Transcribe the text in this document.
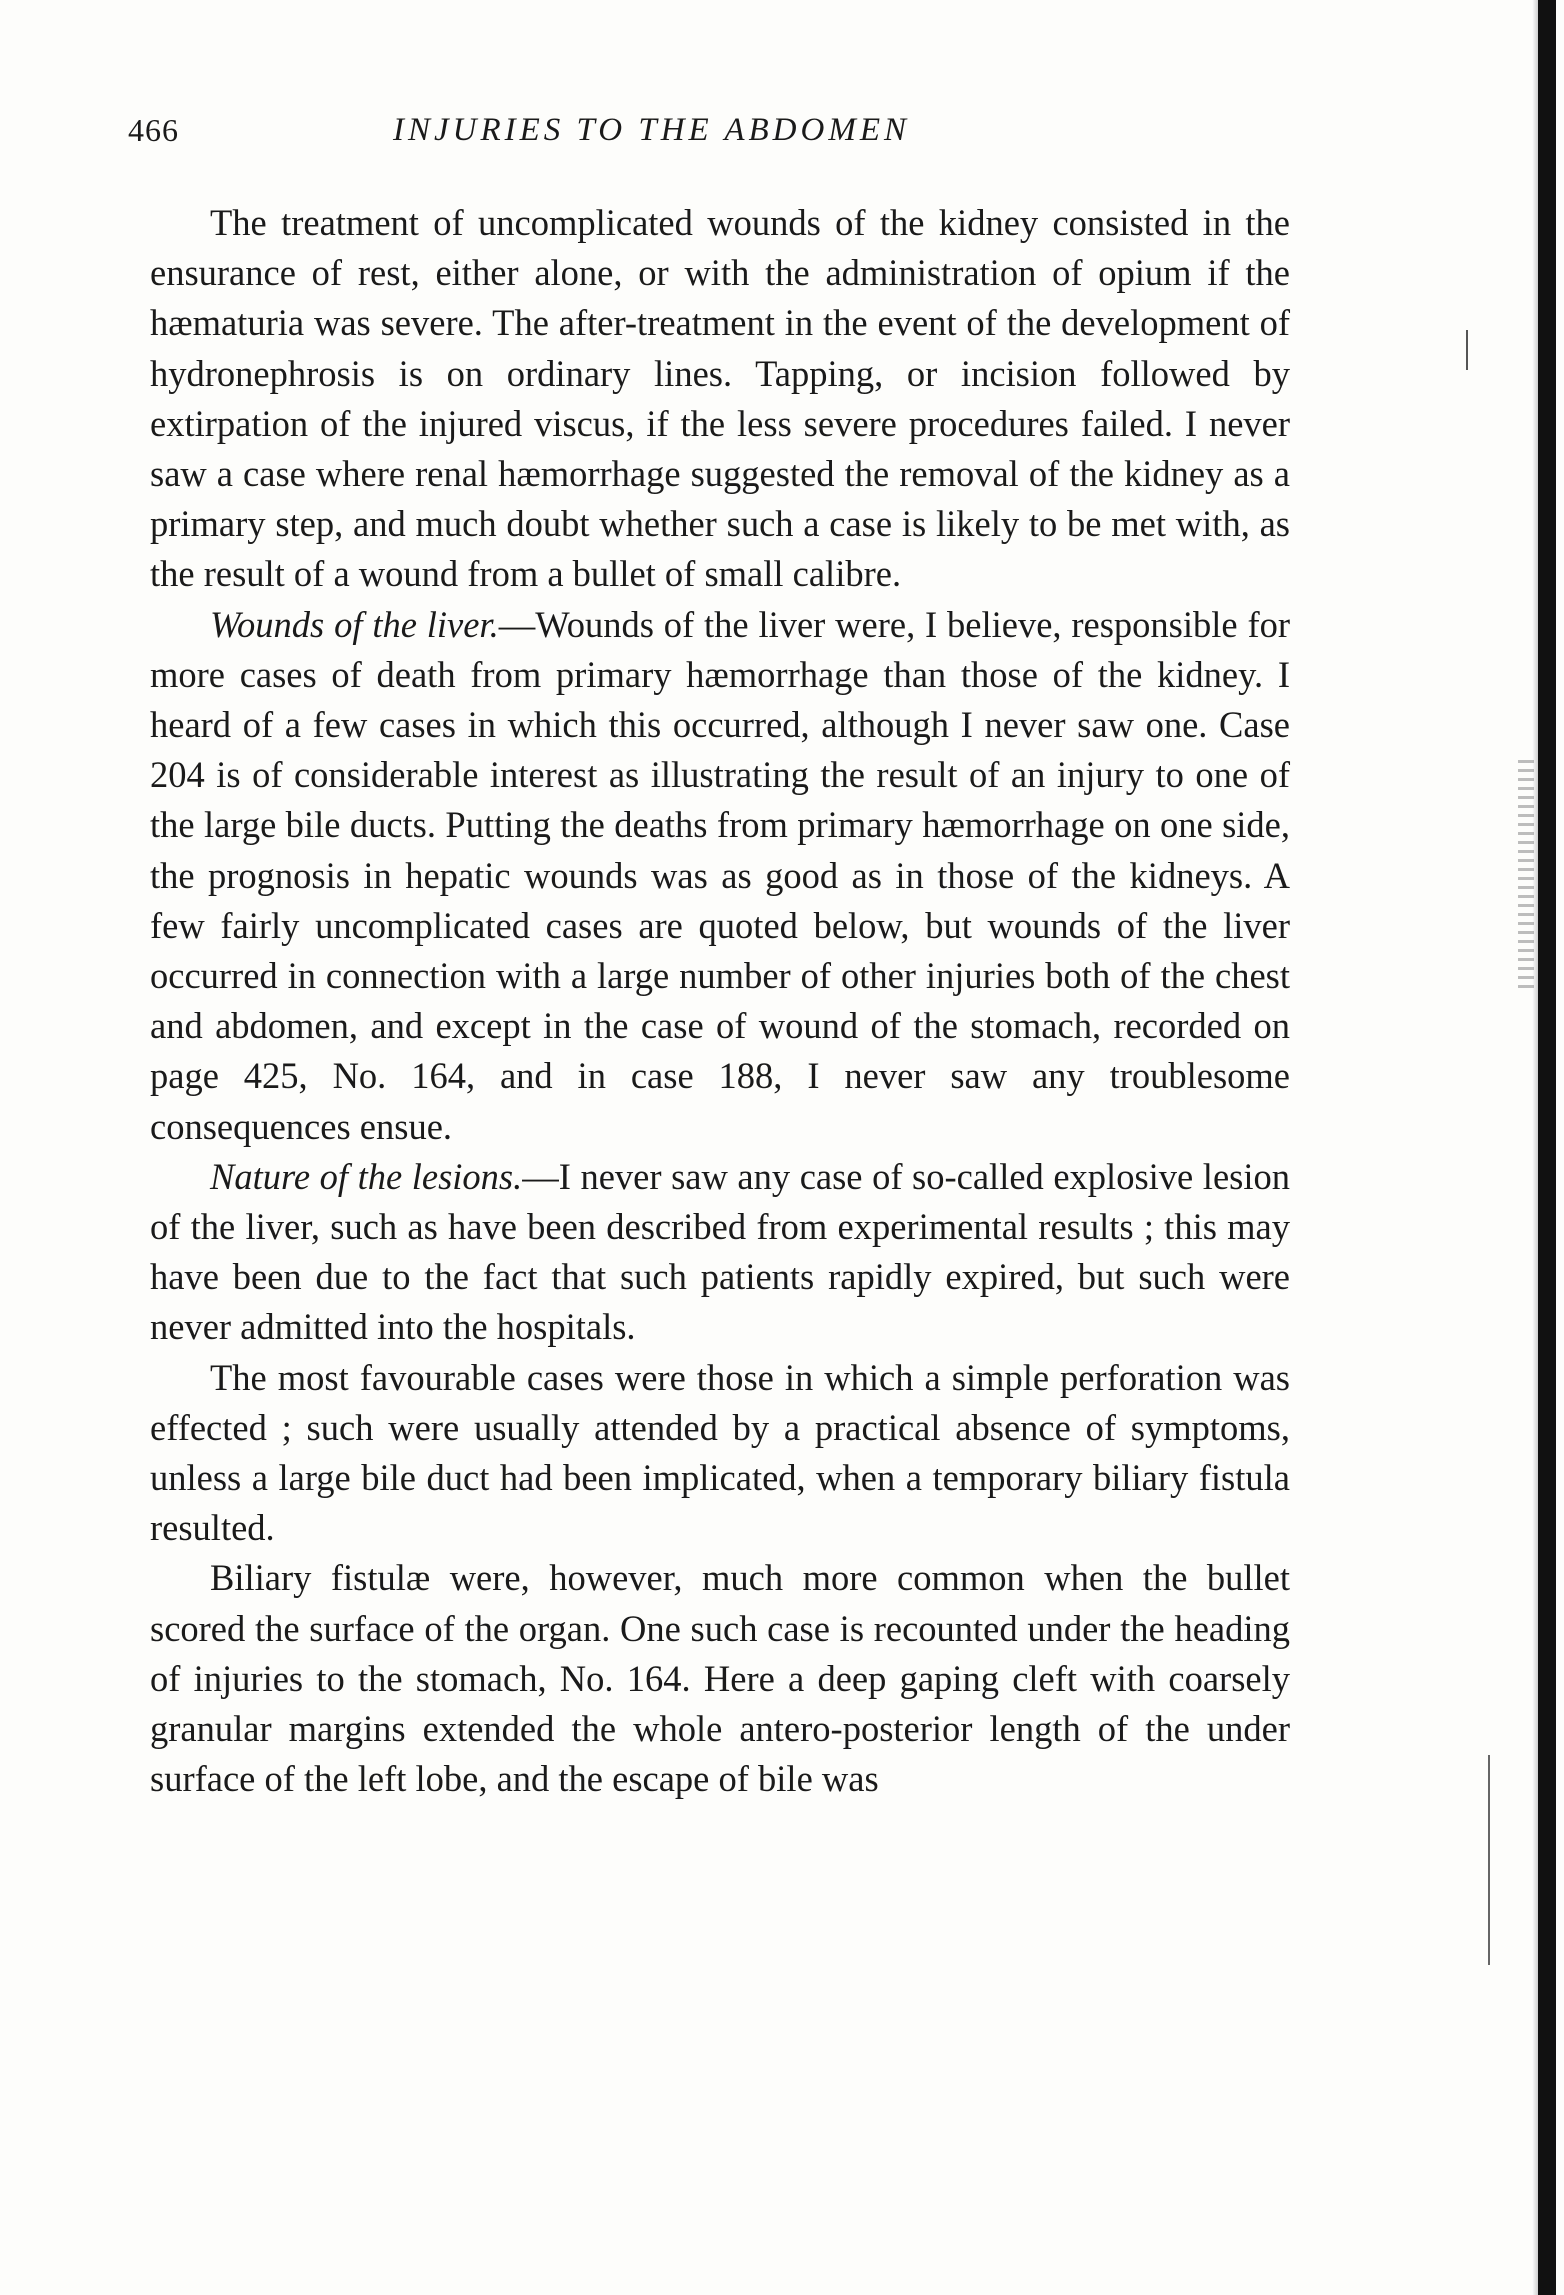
466	INJURIES TO THE ABDOMEN

The treatment of uncomplicated wounds of the kidney consisted in the ensurance of rest, either alone, or with the administration of opium if the hæmaturia was severe. The after-treatment in the event of the development of hydronephrosis is on ordinary lines. Tapping, or incision followed by extirpation of the injured viscus, if the less severe procedures failed. I never saw a case where renal hæmorrhage suggested the removal of the kidney as a primary step, and much doubt whether such a case is likely to be met with, as the result of a wound from a bullet of small calibre.

Wounds of the liver.—Wounds of the liver were, I believe, responsible for more cases of death from primary hæmorrhage than those of the kidney. I heard of a few cases in which this occurred, although I never saw one. Case 204 is of considerable interest as illustrating the result of an injury to one of the large bile ducts. Putting the deaths from primary hæmorrhage on one side, the prognosis in hepatic wounds was as good as in those of the kidneys. A few fairly uncomplicated cases are quoted below, but wounds of the liver occurred in connection with a large number of other injuries both of the chest and abdomen, and except in the case of wound of the stomach, recorded on page 425, No. 164, and in case 188, I never saw any troublesome consequences ensue.

Nature of the lesions.—I never saw any case of so-called explosive lesion of the liver, such as have been described from experimental results ; this may have been due to the fact that such patients rapidly expired, but such were never admitted into the hospitals.

The most favourable cases were those in which a simple perforation was effected ; such were usually attended by a practical absence of symptoms, unless a large bile duct had been implicated, when a temporary biliary fistula resulted.

Biliary fistulæ were, however, much more common when the bullet scored the surface of the organ. One such case is recounted under the heading of injuries to the stomach, No. 164. Here a deep gaping cleft with coarsely granular margins extended the whole antero-posterior length of the under surface of the left lobe, and the escape of bile was
